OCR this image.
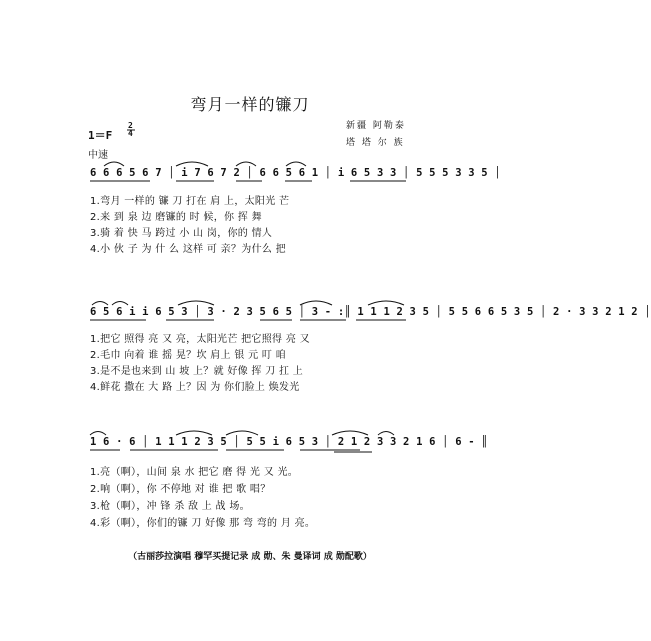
弯月一样的镰刀
1＝F
2
4
中速
新疆 阿勒泰
塔 塔 尔 族
6 6 6 5 6 7 │ i 7 6 7 2 │ 6 6 5 6 1 │ i 6 5 3 3 │ 5 5 5 3 3 5 │
1.弯月 一样的 镰 刀 打在 肩 上，太阳光 芒
2.来 到 泉 边 磨镰的 时 候，你 挥 舞
3.骑 着 快 马 跨过 小 山 岗，你的 情人
4.小 伙 子 为 什 么 这样 可 亲？为什么 把
6 5 6 i i 6 5 3 │ 3 · 2 3 5 6 5 │ 3 - :║ 1 1 1 2 3 5 │ 5 5 6 6 5 3 5 │ 2 · 3 3 2 1 2 │
1.把它 照得 亮 又 亮，太阳光芒 把它照得 亮 又
2.毛巾 向着 谁 摇 晃？坎 肩上 银 元 叮 咱
3.是不是也来到 山 坡 上？就 好像 挥 刀 扛 上
4.鲜花 撒在 大 路 上？因 为 你们脸上 焕发光
1 6 · 6 │ 1 1 1 2 3 5 │ 5 5 i 6 5 3 │ 2 1 2 3 3 2 1 6 │ 6 - ║
1.亮（啊），山间 泉 水 把它 磨 得 光 又 光。
2.响（啊），你 不停地 对 谁 把 歌 唱？
3.枪（啊），冲 锋 杀 敌 上 战 场。
4.彩（啊），你们的镰 刀 好像 那 弯 弯的 月 亮。
（古丽莎拉演唱 穆罕买提记录 成 勋、朱 曼译词 成 勋配歌）
